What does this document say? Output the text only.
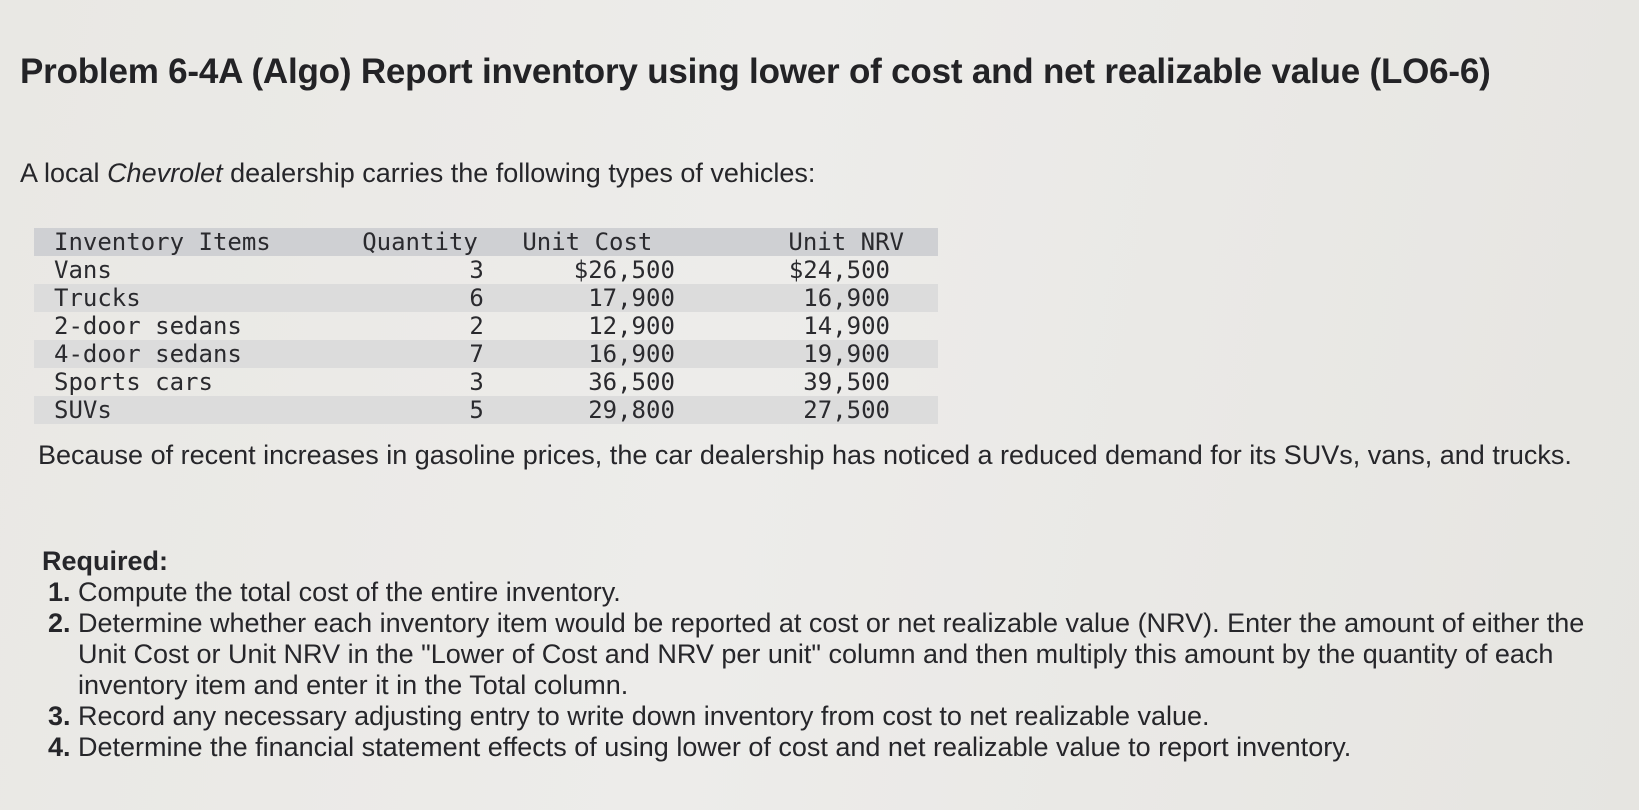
Problem 6-4A (Algo) Report inventory using lower of cost and net realizable value (LO6-6)
A local Chevrolet dealership carries the following types of vehicles:
Inventory Items	Quantity	Unit Cost	Unit NRV
Vans	3	$26,500	$24,500
Trucks	6	17,900	16,900
2-door sedans	2	12,900	14,900
4-door sedans	7	16,900	19,900
Sports cars	3	36,500	39,500
SUVs	5	29,800	27,500
Because of recent increases in gasoline prices, the car dealership has noticed a reduced demand for its SUVs, vans, and trucks.
Required:
1. Compute the total cost of the entire inventory.
2. Determine whether each inventory item would be reported at cost or net realizable value (NRV). Enter the amount of either the Unit Cost or Unit NRV in the "Lower of Cost and NRV per unit" column and then multiply this amount by the quantity of each inventory item and enter it in the Total column.
3. Record any necessary adjusting entry to write down inventory from cost to net realizable value.
4. Determine the financial statement effects of using lower of cost and net realizable value to report inventory.
